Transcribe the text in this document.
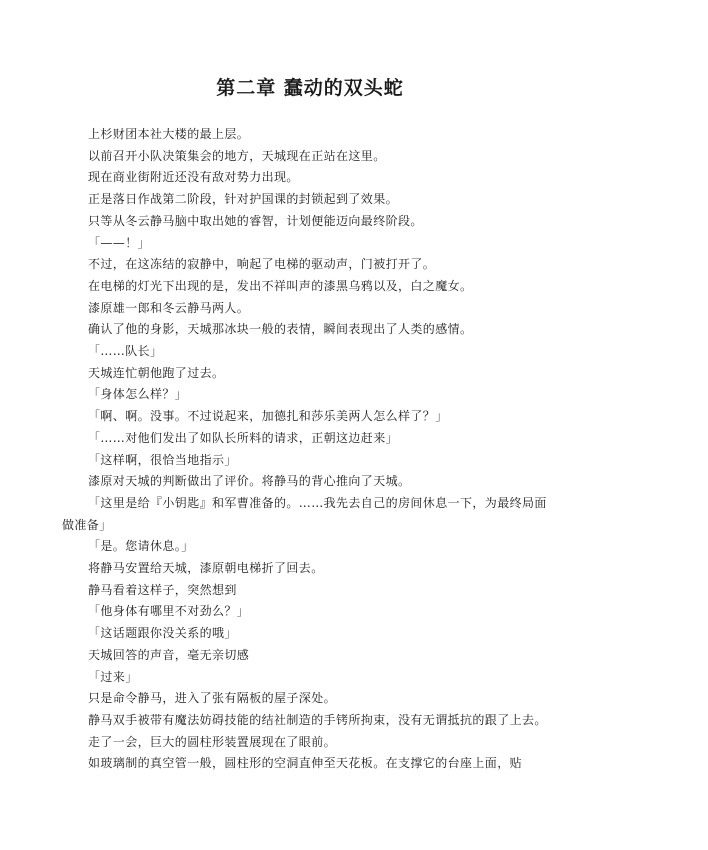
第二章 蠢动的双头蛇

上杉财团本社大楼的最上层。

以前召开小队决策集会的地方，天城现在正站在这里。

现在商业街附近还没有敌对势力出现。

正是落日作战第二阶段，针对护国课的封锁起到了效果。

只等从冬云静马脑中取出她的睿智，计划便能迈向最终阶段。

「——！」

不过，在这冻结的寂静中，响起了电梯的驱动声，门被打开了。

在电梯的灯光下出现的是，发出不祥叫声的漆黑乌鸦以及，白之魔女。

漆原雄一郎和冬云静马两人。

确认了他的身影，天城那冰块一般的表情，瞬间表现出了人类的感情。

「……队长」

天城连忙朝他跑了过去。

「身体怎么样？」

「啊、啊。没事。不过说起来，加德扎和莎乐美两人怎么样了？」

「……对他们发出了如队长所料的请求，正朝这边赶来」

「这样啊，很恰当地指示」

漆原对天城的判断做出了评价。将静马的背心推向了天城。

「这里是给『小钥匙』和军曹准备的。……我先去自己的房间休息一下，为最终局面做准备」

「是。您请休息。」

将静马安置给天城，漆原朝电梯折了回去。

静马看着这样子，突然想到

「他身体有哪里不对劲么？」

「这话题跟你没关系的哦」

天城回答的声音，毫无亲切感

「过来」

只是命令静马，进入了张有隔板的屋子深处。

静马双手被带有魔法妨碍技能的结社制造的手铐所拘束，没有无谓抵抗的跟了上去。

走了一会，巨大的圆柱形装置展现在了眼前。

如玻璃制的真空管一般，圆柱形的空洞直伸至天花板。在支撑它的台座上面，贴
